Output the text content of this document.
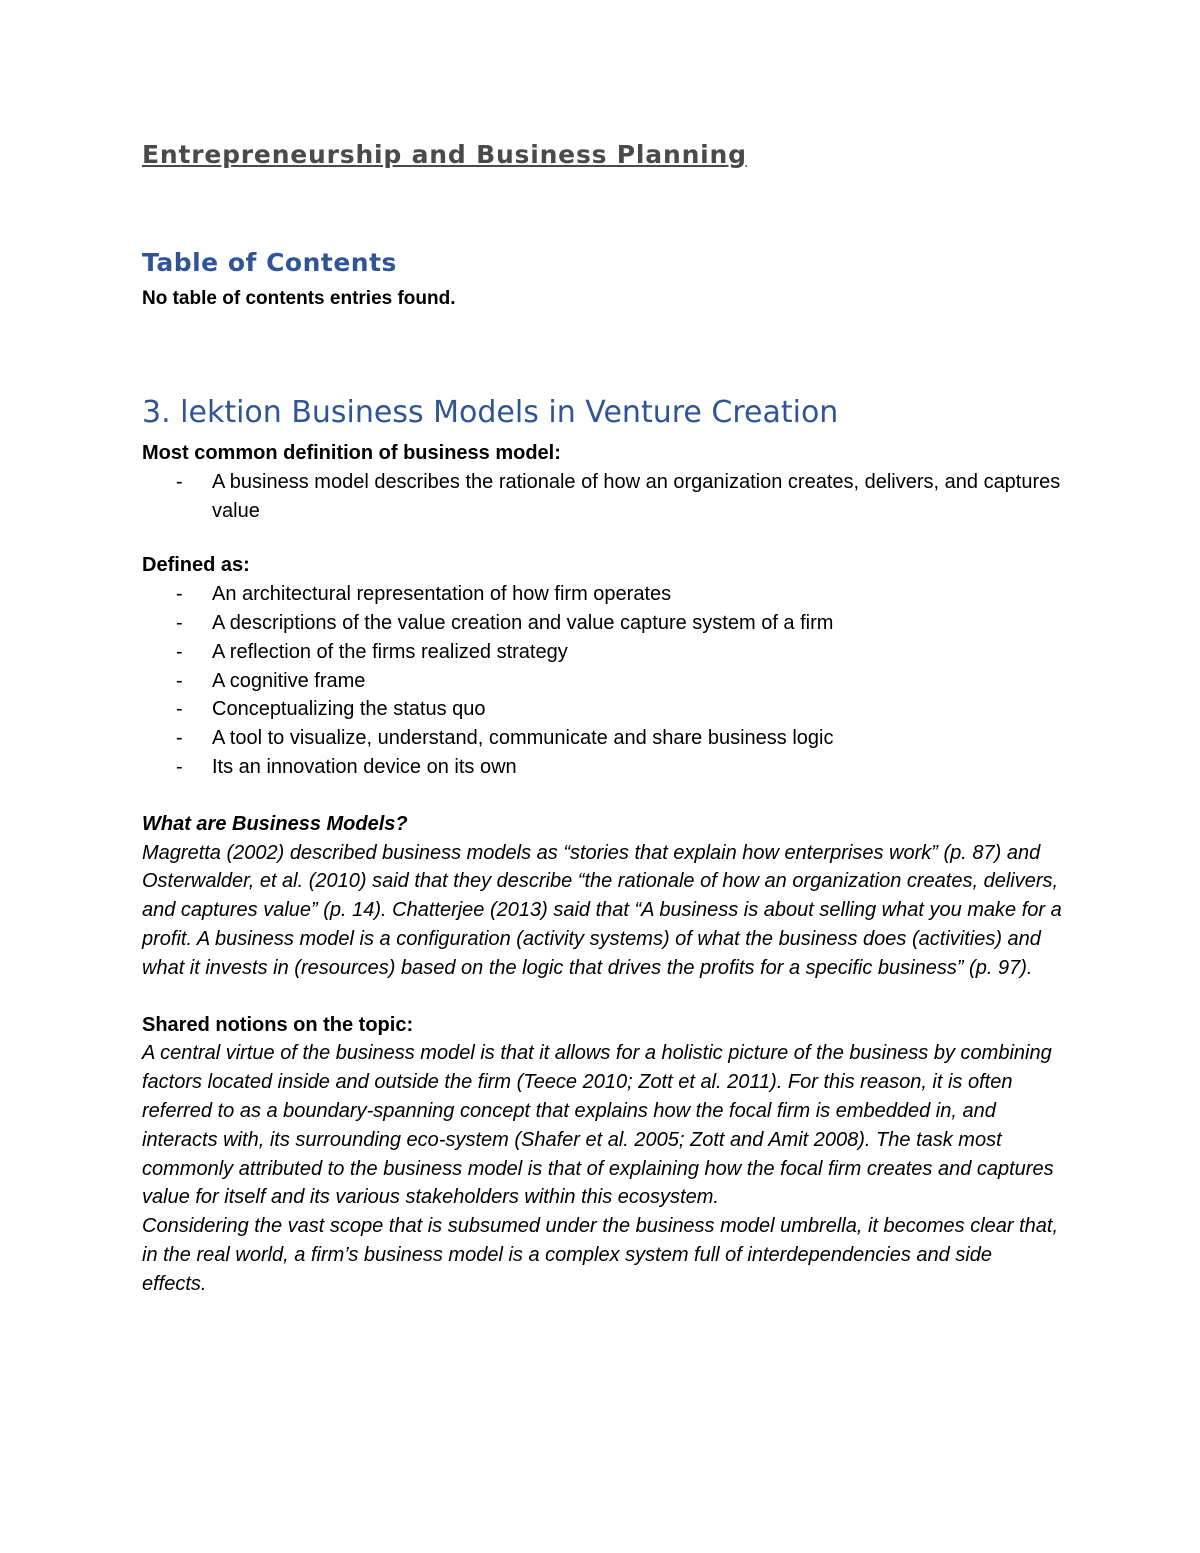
Entrepreneurship and Business Planning
Table of Contents

No table of contents entries found.

3. lektion Business Models in Venture Creation

Most common definition of business model:

- A business model describes the rationale of how an organization creates, delivers, and captures value

Defined as:

- An architectural representation of how firm operates
- A descriptions of the value creation and value capture system of a firm
- A reflection of the firms realized strategy
- A cognitive frame
- Conceptualizing the status quo
- A tool to visualize, understand, communicate and share business logic
- Its an innovation device on its own

What are Business Models?

Magretta (2002) described business models as “stories that explain how enterprises work” (p. 87) and Osterwalder, et al. (2010) said that they describe “the rationale of how an organization creates, delivers, and captures value” (p. 14). Chatterjee (2013) said that “A business is about selling what you make for a profit. A business model is a configuration (activity systems) of what the business does (activities) and what it invests in (resources) based on the logic that drives the profits for a specific business” (p. 97).

Shared notions on the topic:

A central virtue of the business model is that it allows for a holistic picture of the business by combining factors located inside and outside the firm (Teece 2010; Zott et al. 2011). For this reason, it is often referred to as a boundary-spanning concept that explains how the focal firm is embedded in, and interacts with, its surrounding eco-system (Shafer et al. 2005; Zott and Amit 2008). The task most commonly attributed to the business model is that of explaining how the focal firm creates and captures value for itself and its various stakeholders within this ecosystem.

Considering the vast scope that is subsumed under the business model umbrella, it becomes clear that, in the real world, a firm’s business model is a complex system full of interdependencies and side effects.
